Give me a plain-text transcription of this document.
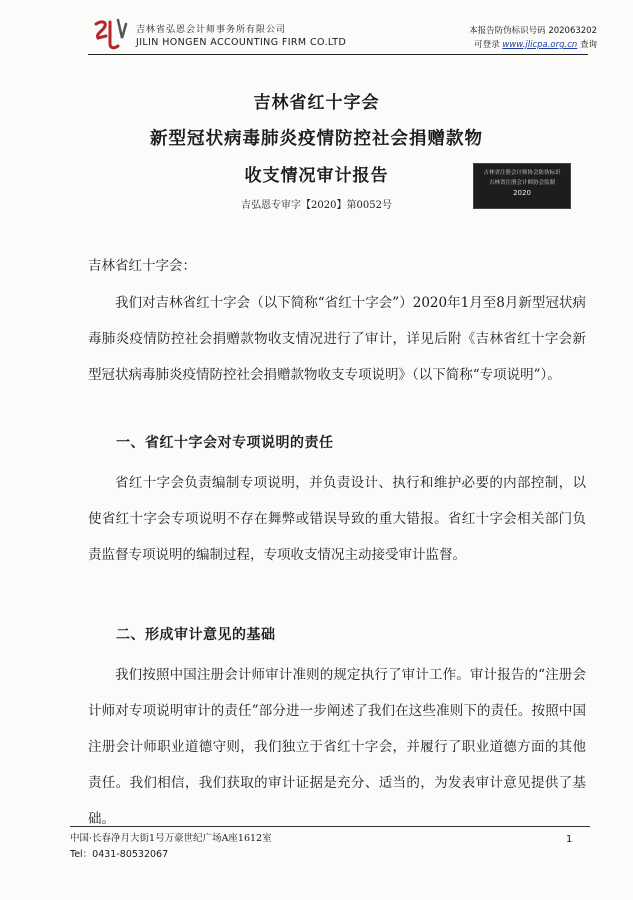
吉林省弘恩会计师事务所有限公司
JILIN HONGEN ACCOUNTING FIRM CO.LTD
本报告防伪标识号码 202063202
可登录 www.jlicpa.org.cn 查询
吉林省红十字会
新型冠状病毒肺炎疫情防控社会捐赠款物
收支情况审计报告
吉弘恩专审字【2020】第0052号
吉林省注册会计师协会防伪标识
吉林省注册会计师协会监制
2020
吉林省红十字会：
我们对吉林省红十字会（以下简称“省红十字会”）2020年1月至8月新型冠状病毒肺炎疫情防控社会捐赠款物收支情况进行了审计，详见后附《吉林省红十字会新型冠状病毒肺炎疫情防控社会捐赠款物收支专项说明》（以下简称“专项说明”）。
一、省红十字会对专项说明的责任
省红十字会负责编制专项说明，并负责设计、执行和维护必要的内部控制，以使省红十字会专项说明不存在舞弊或错误导致的重大错报。省红十字会相关部门负责监督专项说明的编制过程，专项收支情况主动接受审计监督。
二、形成审计意见的基础
我们按照中国注册会计师审计准则的规定执行了审计工作。审计报告的“注册会计师对专项说明审计的责任”部分进一步阐述了我们在这些准则下的责任。按照中国注册会计师职业道德守则，我们独立于省红十字会，并履行了职业道德方面的其他责任。我们相信，我们获取的审计证据是充分、适当的，为发表审计意见提供了基础。
中国·长春净月大街1号万豪世纪广场A座1612室
Tel：0431-80532067
1
